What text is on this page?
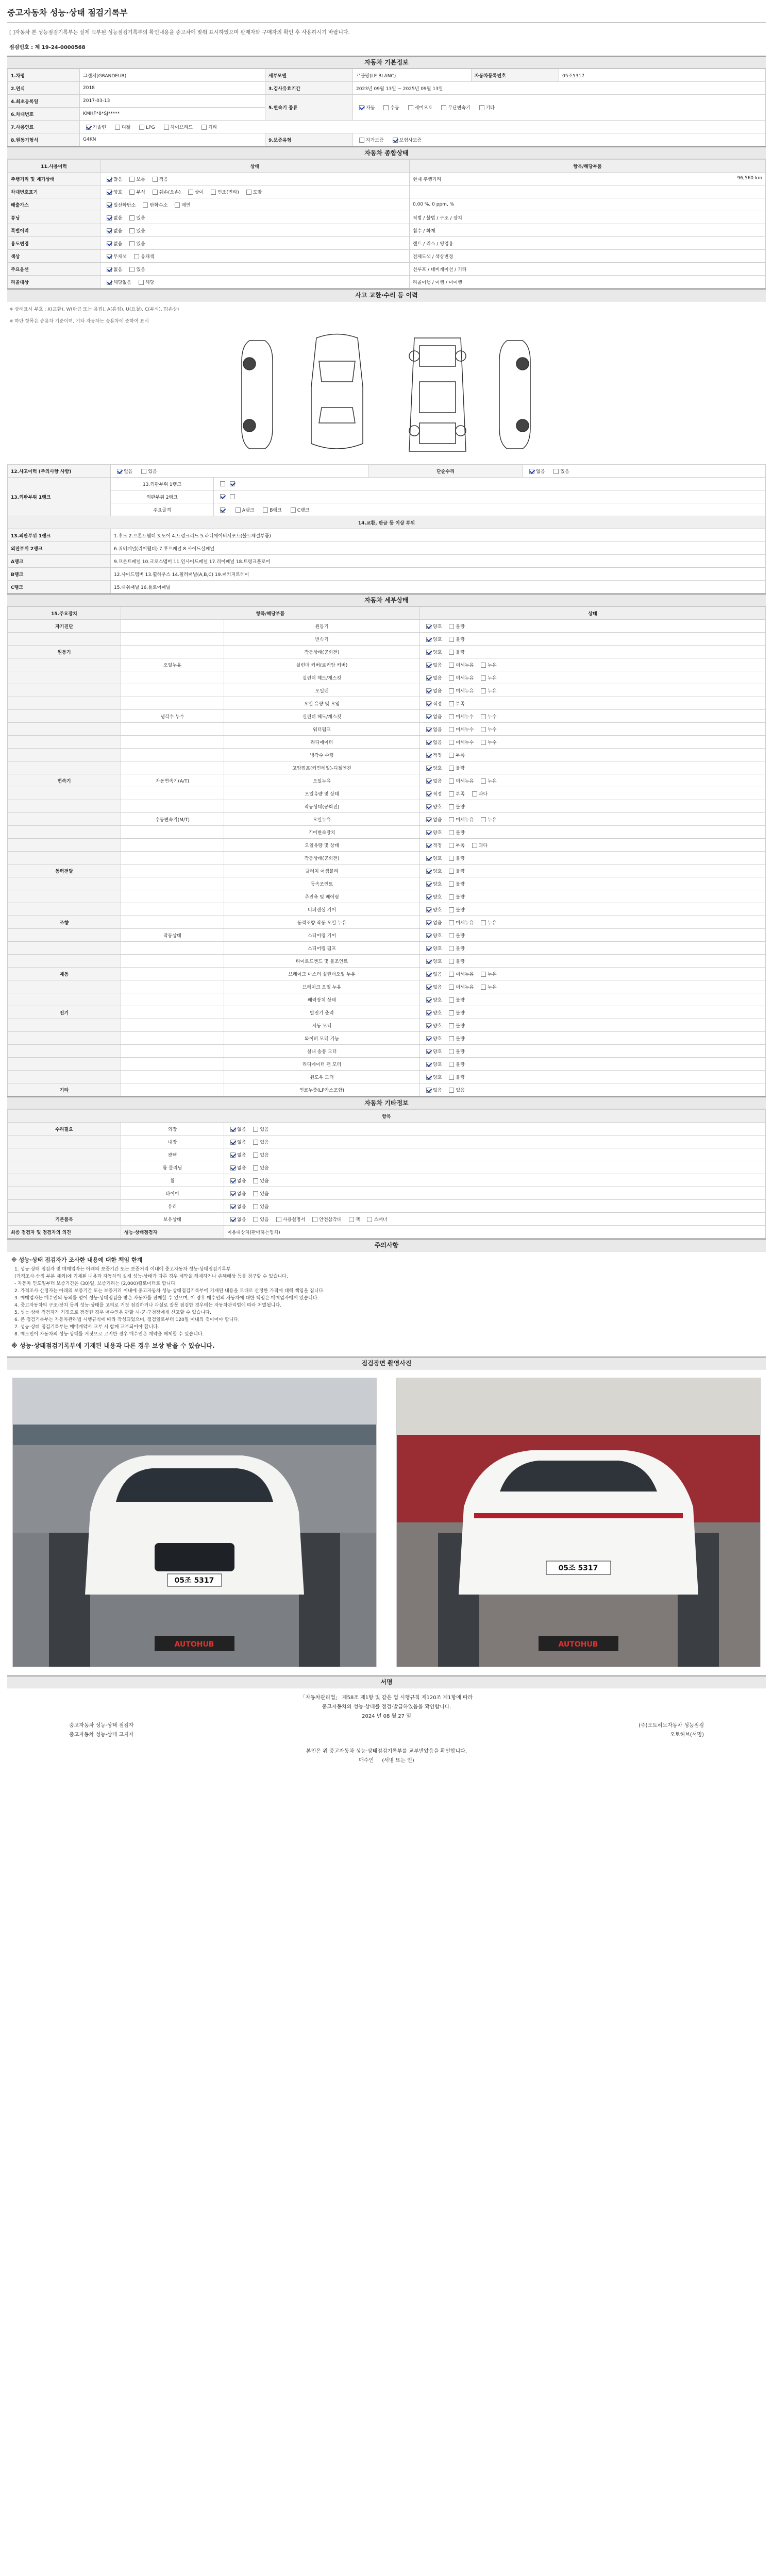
중고자동차 성능·상태 점검기록부
[ ]자동차 본 성능점검기록부는 실제 교부된 성능점검기록부의 확인내용을 중고차에 맞춰 표시하였으며 판매자와 구매자의 확인 후 사용하시기 바랍니다.
점검번호 : 제 19-24-0000568
자동차 기본정보
1.차명	그랜저(GRANDEUR)	세부모델	르블랑(LE BLANC)	자동차등록번호	05조5317
2.연식	2018	3.검사유효기간	2023년 09월 13일 ~ 2025년 09월 13일		
4.최초등록일	2017-03-13	5.변속기 종류	자동 수동 세미오토 무단변속기 기타		
6.차대번호	KMHF*8*SJ*****				
7.사용연료	가솔린 디젤 LPG 하이브리드 기타				
8.원동기형식	G4KN	9.보증유형	자가보증 보험사보증		
자동차 종합상태
11.사용이력	상태	항목/해당부품
주행거리 및 계기상태	많음 보통 적음	현재 주행거리 96,560 km

차대번호표기	양호 부식 훼손(오손) 상이 변조(변타) 도말	

배출가스	일산화탄소 탄화수소 매연	0.00 %, 0 ppm, %

튜닝	없음 있음	적법 / 불법 / 구조 / 장치

특별이력	없음 있음	침수 / 화재

용도변경	없음 있음	렌트 / 리스 / 영업용

색상	무채색 유채색	전체도색 / 색상변경

주요옵션	없음 있음	선루프 / 네비게이션 / 기타

리콜대상	해당없음 해당	리콜이행 / 이행 / 미이행
사고 교환·수리 등 이력
※ 상태표시 부호 : X(교환), W(판금 또는 용접), A(흠집), U(요철), C(부식), T(손상)
※ 하단 항목은 승용차 기준이며, 기타 자동차는 승용차에 준하여 표시
12.사고이력 (주의사항 사항)	없음 있음		단순수리	없음 있음
13.외판부위 1랭크	13.외판부위 1랭크			
	외판부위 2랭크			
	주요골격	A랭크 B랭크 C랭크		
14.교환, 판금 등 이상 부위				
13.외판부위 1랭크	1.후드 2.프론트휀더 3.도어 4.트렁크리드 5.라디에이터서포트(볼트체결부품)			
외판부위 2랭크	6.쿼터패널(리어휀더) 7.루프패널 8.사이드실패널			
A랭크	9.프론트패널 10.크로스멤버 11.인사이드패널 17.리어패널 18.트렁크플로어			
B랭크	12.사이드멤버 13.휠하우스 14.필러패널(A,B,C) 19.패키지트레이			
C랭크	15.대쉬패널 16.플로어패널			
자동차 세부상태
15.주요장치	항목/해당부품		상태
자기진단		원동기	양호 불량
		변속기	양호 불량
원동기		작동상태(공회전)	양호 불량
	오일누유	실린더 커버(로커암 커버)	없음 미세누유 누유
		실린더 헤드/개스킷	없음 미세누유 누유
		오일팬	없음 미세누유 누유
		오일 유량 및 오염	적정 부족
	냉각수 누수	실린더 헤드/개스킷	없음 미세누수 누수
		워터펌프	없음 미세누수 누수
		라디에이터	없음 미세누수 누수
		냉각수 수량	적정 부족
		고압펌프(커먼레일)-디젤엔진	양호 불량
변속기	자동변속기(A/T)	오일누유	없음 미세누유 누유
		오일유량 및 상태	적정 부족 과다
		작동상태(공회전)	양호 불량
	수동변속기(M/T)	오일누유	없음 미세누유 누유
		기어변속장치	양호 불량
		오일유량 및 상태	적정 부족 과다
		작동상태(공회전)	양호 불량
동력전달		클러치 어셈블리	양호 불량
		등속조인트	양호 불량
		추진축 및 베어링	양호 불량
		디퍼렌셜 기어	양호 불량
조향		동력조향 작동 오일 누유	없음 미세누유 누유
	작동상태	스티어링 기어	양호 불량
		스티어링 펌프	양호 불량
		타이로드엔드 및 볼조인트	양호 불량
제동		브레이크 마스터 실린더오일 누유	없음 미세누유 누유
		브레이크 오일 누유	없음 미세누유 누유
		배력장치 상태	양호 불량
전기		발전기 출력	양호 불량
		시동 모터	양호 불량
		와이퍼 모터 기능	양호 불량
		실내 송풍 모터	양호 불량
		라디에이터 팬 모터	양호 불량
		윈도우 모터	양호 불량
기타		연료누출(LP가스포함)	없음 있음
자동차 기타정보
항목		
수리필요	외장	없음 있음
	내장	없음 있음
	광택	없음 있음
	룸 클리닝	없음 있음
	휠	없음 있음
	타이어	없음 있음
	유리	없음 있음
기본품목	보유상태	없음 있음 사용설명서 안전삼각대 잭 스패너
최종 점검자 및 점검자의 의견	성능·상태점검자	이용대상자(판매하는업체)
주의사항
※ 성능·상태 점검자가 조사한 내용에 대한 책임 한계
1. 성능·상태 점검자 및 매매업자는 아래의 보증기간 또는 보증거리 이내에 중고자동차 성능·상태점검기록부
(가격조사·산정 부분 제외)에 기재된 내용과 자동차의 실제 성능·상태가 다른 경우 계약을 해제하거나 손해배상 등을 청구할 수 있습니다.
- 자동차 인도일부터 보증기간은 (30)일, 보증거리는 (2,000)킬로미터로 합니다.
2. 가격조사·산정자는 아래의 보증기간 또는 보증거리 이내에 중고자동차 성능·상태점검기록부에 기재된 내용을 토대로 산정한 가격에 대해 책임을 집니다.
3. 매매업자는 매수인의 동의를 얻어 성능·상태점검을 받은 자동차를 판매할 수 있으며, 이 경우 매수인의 자동차에 대한 책임은 매매업자에게 있습니다.
4. 중고자동차의 구조·장치 등의 성능·상태를 고의로 거짓 점검하거나 과실로 잘못 점검한 경우에는 자동차관리법에 따라 처벌됩니다.
5. 성능·상태 점검자가 거짓으로 점검한 경우 매수인은 관할 시·군·구청장에게 신고할 수 있습니다.
6. 본 점검기록부는 자동차관리법 시행규칙에 따라 작성되었으며, 점검일로부터 120일 이내의 것이어야 합니다.
7. 성능·상태 점검기록부는 매매계약서 교부 시 함께 교부되어야 합니다.
8. 매도인이 자동차의 성능·상태를 거짓으로 고지한 경우 매수인은 계약을 해제할 수 있습니다.
※ 성능·상태점검기록부에 기재된 내용과 다른 경우 보상 받을 수 있습니다.
점검장면 촬영사진
05조 5317
AUTOHUB
05조 5317
AUTOHUB
서명
「자동차관리법」 제58조 제1항 및 같은 법 시행규칙 제120조 제1항에 따라
중고자동차의 성능·상태를 점검·발급하였음을 확인합니다.
2024 년 08 월 27 일
중고자동차 성능·상태 점검자	(주)오토허브자동차 성능점검
중고자동차 성능·상태 고지자	오토허브(서명)
본인은 위 중고자동차 성능·상태점검기록부를 교부받았음을 확인합니다.
매수인 (서명 또는 인)
